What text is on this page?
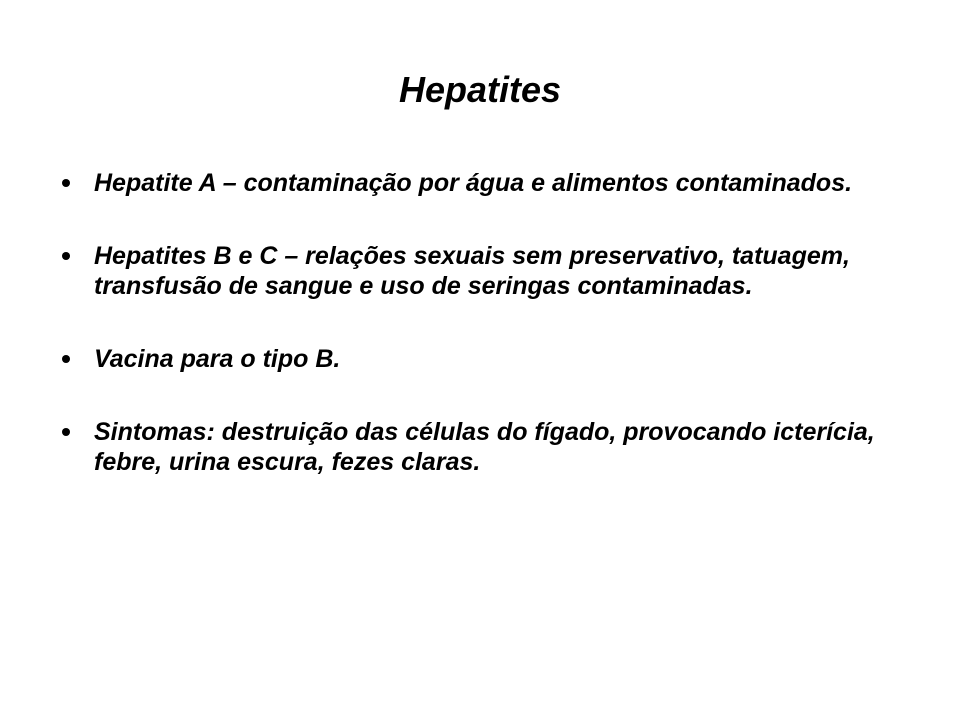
Hepatites
Hepatite A – contaminação por água e alimentos contaminados.
Hepatites B e C – relações sexuais sem preservativo, tatuagem, transfusão de sangue e uso de seringas contaminadas.
Vacina para o tipo B.
Sintomas: destruição das células do fígado, provocando icterícia, febre, urina escura, fezes claras.
